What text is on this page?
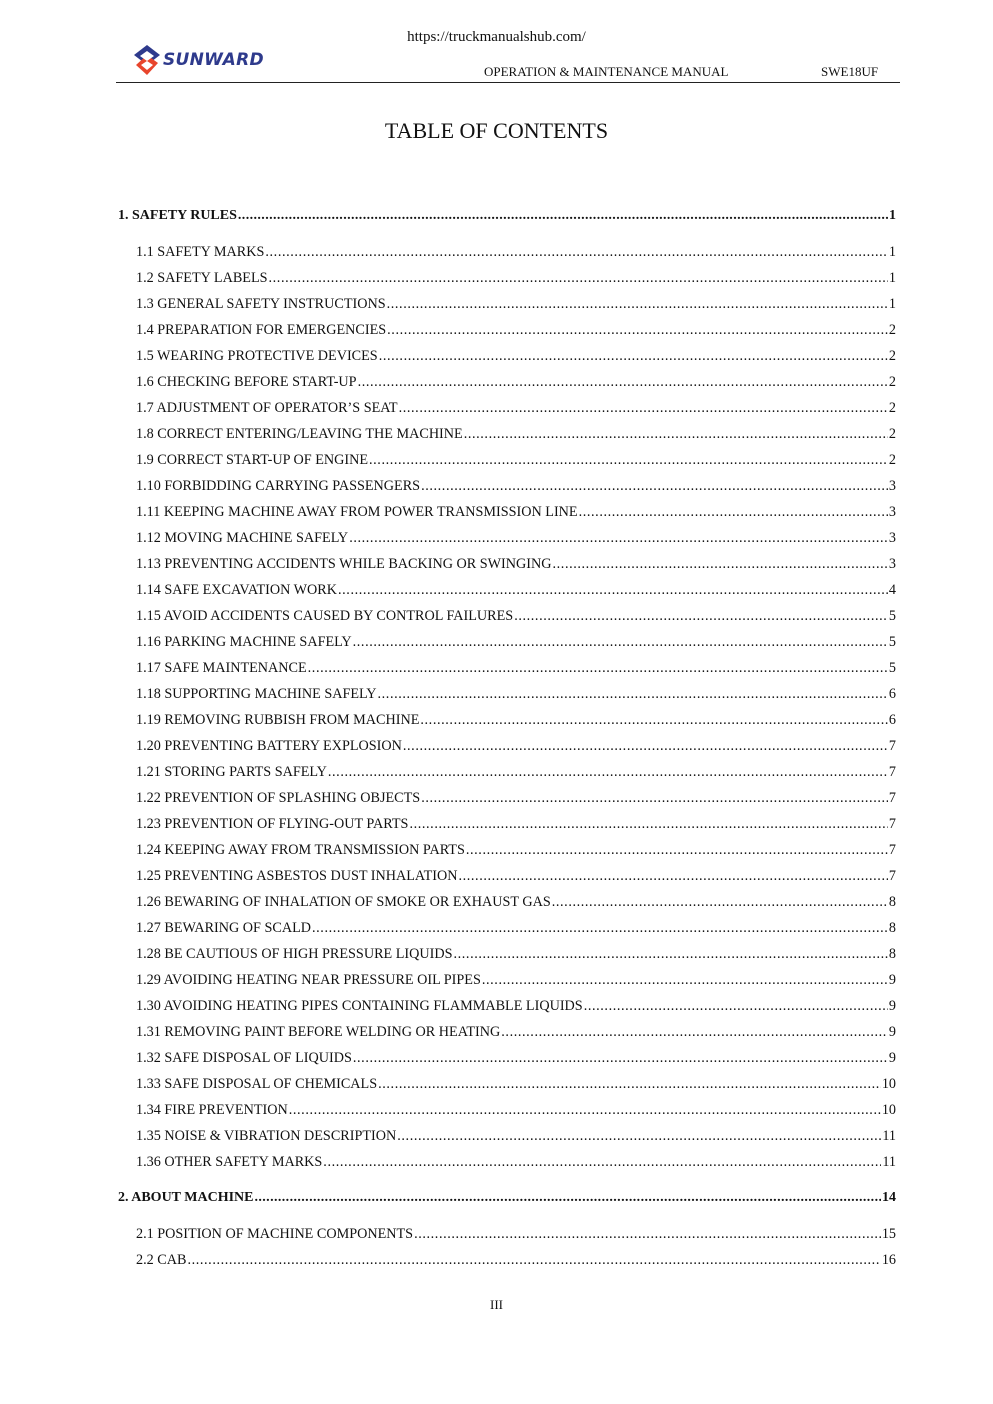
https://truckmanualshub.com/
SUNWARD
OPERATION & MAINTENANCE MANUAL	SWE18UF
TABLE OF CONTENTS
1. SAFETY RULES .....	1
1.1 SAFETY MARKS .....	1
1.2 SAFETY LABELS .....	1
1.3 GENERAL SAFETY INSTRUCTIONS .....	1
1.4 PREPARATION FOR EMERGENCIES .....	2
1.5 WEARING PROTECTIVE DEVICES .....	2
1.6 CHECKING BEFORE START-UP .....	2
1.7 ADJUSTMENT OF OPERATOR’S SEAT .....	2
1.8 CORRECT ENTERING/LEAVING THE MACHINE .....	2
1.9 CORRECT START-UP OF ENGINE .....	2
1.10 FORBIDDING CARRYING PASSENGERS .....	3
1.11 KEEPING MACHINE AWAY FROM POWER TRANSMISSION LINE .....	3
1.12 MOVING MACHINE SAFELY .....	3
1.13 PREVENTING ACCIDENTS WHILE BACKING OR SWINGING .....	3
1.14 SAFE EXCAVATION WORK .....	4
1.15 AVOID ACCIDENTS CAUSED BY CONTROL FAILURES .....	5
1.16 PARKING MACHINE SAFELY .....	5
1.17 SAFE MAINTENANCE .....	5
1.18 SUPPORTING MACHINE SAFELY .....	6
1.19 REMOVING RUBBISH FROM MACHINE .....	6
1.20 PREVENTING BATTERY EXPLOSION .....	7
1.21 STORING PARTS SAFELY .....	7
1.22 PREVENTION OF SPLASHING OBJECTS .....	7
1.23 PREVENTION OF FLYING-OUT PARTS .....	7
1.24 KEEPING AWAY FROM TRANSMISSION PARTS .....	7
1.25 PREVENTING ASBESTOS DUST INHALATION .....	7
1.26 BEWARING OF INHALATION OF SMOKE OR EXHAUST GAS .....	8
1.27 BEWARING OF SCALD .....	8
1.28 BE CAUTIOUS OF HIGH PRESSURE LIQUIDS .....	8
1.29 AVOIDING HEATING NEAR PRESSURE OIL PIPES .....	9
1.30 AVOIDING HEATING PIPES CONTAINING FLAMMABLE LIQUIDS .....	9
1.31 REMOVING PAINT BEFORE WELDING OR HEATING .....	9
1.32 SAFE DISPOSAL OF LIQUIDS .....	9
1.33 SAFE DISPOSAL OF CHEMICALS .....	10
1.34 FIRE PREVENTION .....	10
1.35 NOISE & VIBRATION DESCRIPTION .....	11
1.36 OTHER SAFETY MARKS .....	11
2. ABOUT MACHINE .....	14
2.1 POSITION OF MACHINE COMPONENTS .....	15
2.2 CAB .....	16
III
